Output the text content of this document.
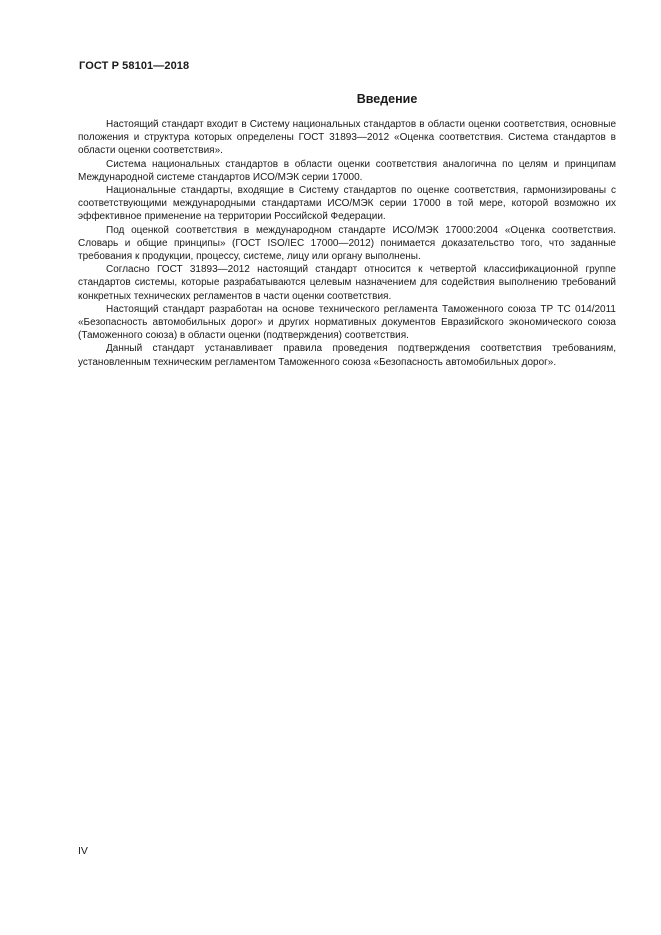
ГОСТ Р 58101—2018
Введение

Настоящий стандарт входит в Систему национальных стандартов в области оценки соответствия, основные положения и структура которых определены ГОСТ 31893—2012 «Оценка соответствия. Система стандартов в области оценки соответствия».

Система национальных стандартов в области оценки соответствия аналогична по целям и принципам Международной системе стандартов ИСО/МЭК серии 17000.

Национальные стандарты, входящие в Систему стандартов по оценке соответствия, гармонизированы с соответствующими международными стандартами ИСО/МЭК серии 17000 в той мере, которой возможно их эффективное применение на территории Российской Федерации.

Под оценкой соответствия в международном стандарте ИСО/МЭК 17000:2004 «Оценка соответствия. Словарь и общие принципы» (ГОСТ ISO/IEC 17000—2012) понимается доказательство того, что заданные требования к продукции, процессу, системе, лицу или органу выполнены.

Согласно ГОСТ 31893—2012 настоящий стандарт относится к четвертой классификационной группе стандартов системы, которые разрабатываются целевым назначением для содействия выполнению требований конкретных технических регламентов в части оценки соответствия.

Настоящий стандарт разработан на основе технического регламента Таможенного союза ТР ТС 014/2011 «Безопасность автомобильных дорог» и других нормативных документов Евразийского экономического союза (Таможенного союза) в области оценки (подтверждения) соответствия.

Данный стандарт устанавливает правила проведения подтверждения соответствия требованиям, установленным техническим регламентом Таможенного союза «Безопасность автомобильных дорог».

IV
